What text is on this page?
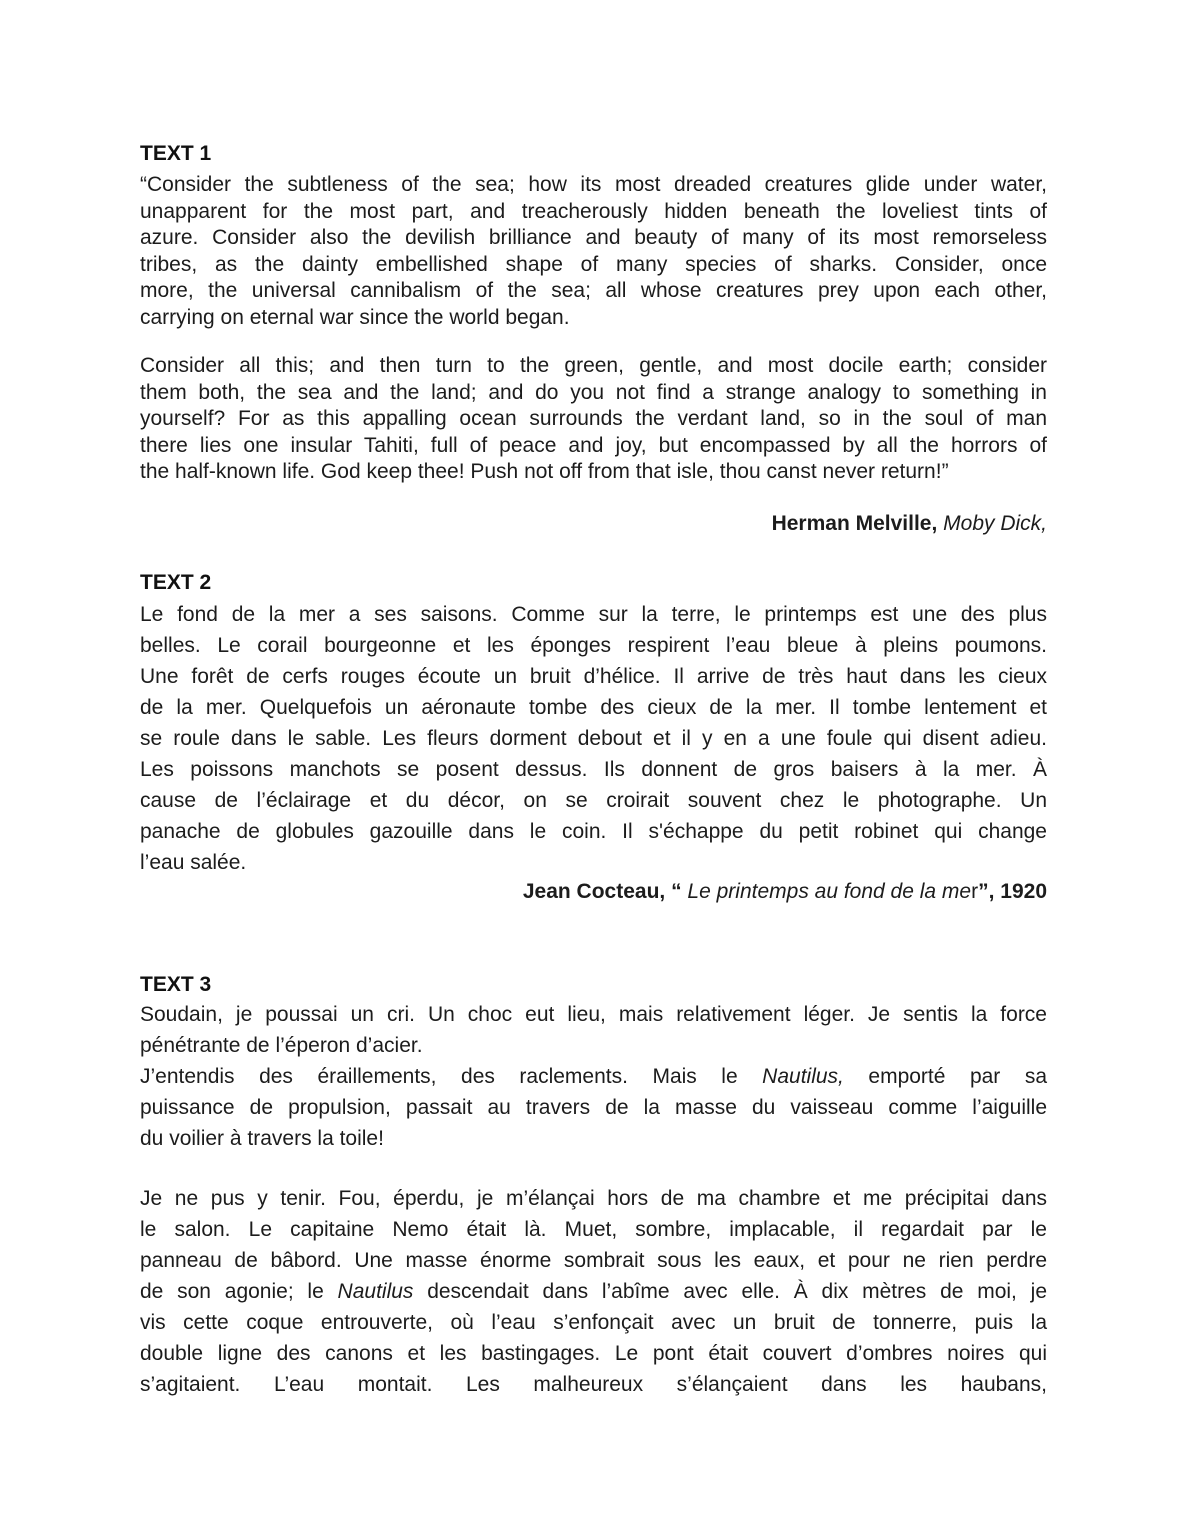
TEXT 1
“Consider the subtleness of the sea; how its most dreaded creatures glide under water,
unapparent for the most part, and treacherously hidden beneath the loveliest tints of
azure. Consider also the devilish brilliance and beauty of many of its most remorseless
tribes, as the dainty embellished shape of many species of sharks. Consider, once
more, the universal cannibalism of the sea; all whose creatures prey upon each other,
carrying on eternal war since the world began.
Consider all this; and then turn to the green, gentle, and most docile earth; consider
them both, the sea and the land; and do you not find a strange analogy to something in
yourself? For as this appalling ocean surrounds the verdant land, so in the soul of man
there lies one insular Tahiti, full of peace and joy, but encompassed by all the horrors of
the half-known life. God keep thee! Push not off from that isle, thou canst never return!”
Herman Melville, Moby Dick,
TEXT 2
Le fond de la mer a ses saisons. Comme sur la terre, le printemps est une des plus
belles. Le corail bourgeonne et les éponges respirent l’eau bleue à pleins poumons.
Une forêt de cerfs rouges écoute un bruit d’hélice. Il arrive de très haut dans les cieux
de la mer. Quelquefois un aéronaute tombe des cieux de la mer. Il tombe lentement et
se roule dans le sable. Les fleurs dorment debout et il y en a une foule qui disent adieu.
Les poissons manchots se posent dessus. Ils donnent de gros baisers à la mer. À
cause de l’éclairage et du décor, on se croirait souvent chez le photographe. Un
panache de globules gazouille dans le coin. Il s'échappe du petit robinet qui change
l’eau salée.
Jean Cocteau, “ Le printemps au fond de la mer”, 1920
TEXT 3
Soudain, je poussai un cri. Un choc eut lieu, mais relativement léger. Je sentis la force
pénétrante de l’éperon d’acier.
J’entendis des éraillements, des raclements. Mais le Nautilus, emporté par sa
puissance de propulsion, passait au travers de la masse du vaisseau comme l’aiguille
du voilier à travers la toile!
Je ne pus y tenir. Fou, éperdu, je m’élançai hors de ma chambre et me précipitai dans
le salon. Le capitaine Nemo était là. Muet, sombre, implacable, il regardait par le
panneau de bâbord. Une masse énorme sombrait sous les eaux, et pour ne rien perdre
de son agonie; le Nautilus descendait dans l’abîme avec elle. À dix mètres de moi, je
vis cette coque entrouverte, où l’eau s’enfonçait avec un bruit de tonnerre, puis la
double ligne des canons et les bastingages. Le pont était couvert d’ombres noires qui
s’agitaient. L’eau montait. Les malheureux s’élançaient dans les haubans,
